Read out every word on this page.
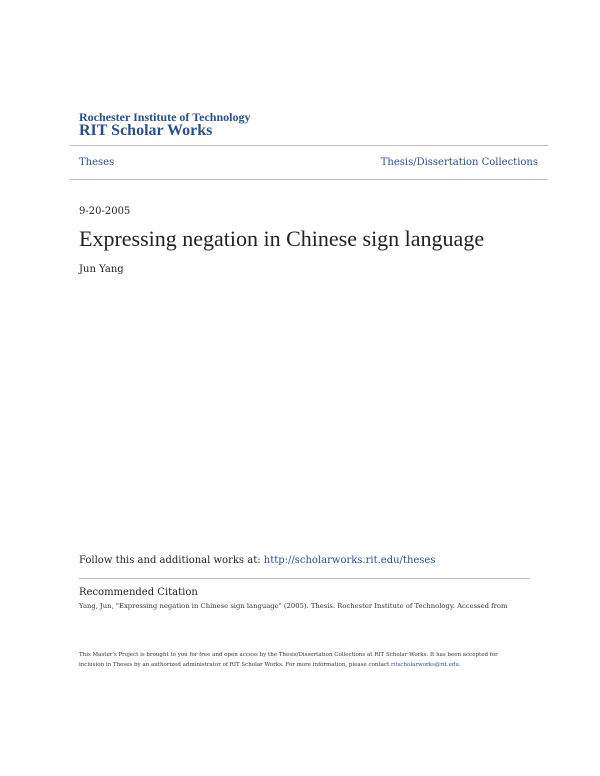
Rochester Institute of Technology
RIT Scholar Works
Theses	Thesis/Dissertation Collections
9-20-2005
Expressing negation in Chinese sign language
Jun Yang
Follow this and additional works at: http://scholarworks.rit.edu/theses
Recommended Citation
Yang, Jun, "Expressing negation in Chinese sign language" (2005). Thesis. Rochester Institute of Technology. Accessed from
This Master's Project is brought to you for free and open access by the Thesis/Dissertation Collections at RIT Scholar Works. It has been accepted for inclusion in Theses by an authorized administrator of RIT Scholar Works. For more information, please contact ritscholarworks@rit.edu.
